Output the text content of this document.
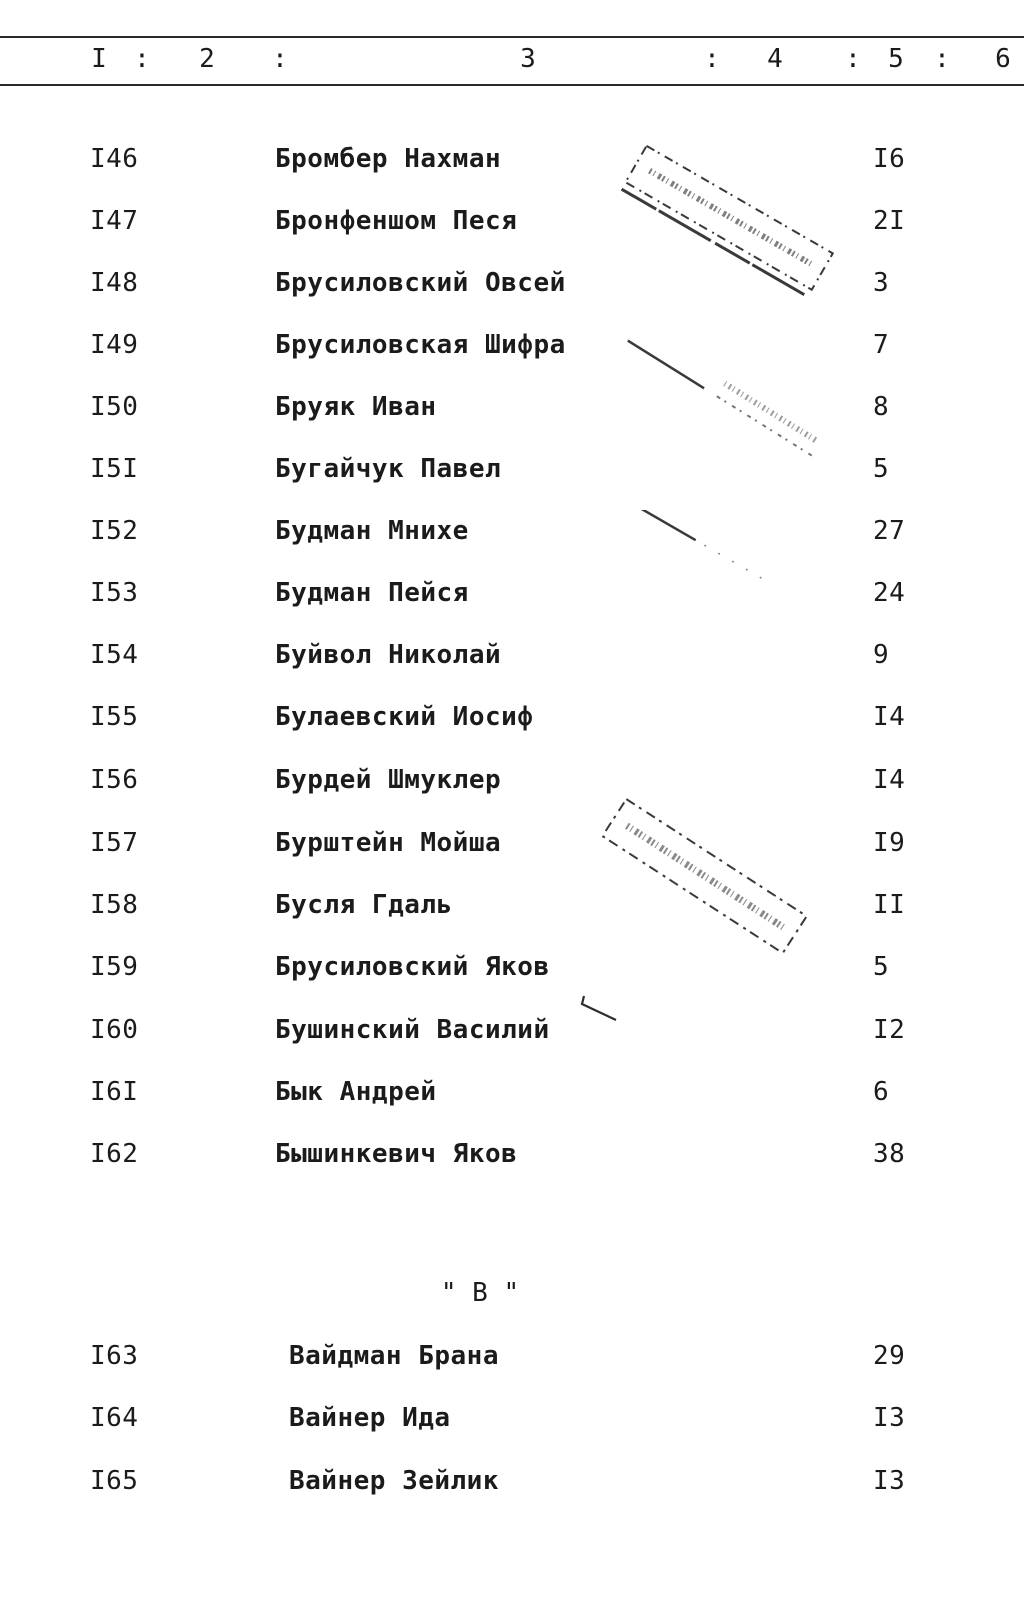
I : 2 :	3	: 4 : 5 : 6
I46	Бромбер Нахман	I6
I47	Бронфеншом Песя	2I
I48	Брусиловский Овсей	3
I49	Брусиловская Шифра	7
I50	Бруяк Иван	8
I5I	Бугайчук Павел	5
I52	Будман Мнихе	27
I53	Будман Пейся	24
I54	Буйвол Николай	9
I55	Булаевский Иосиф	I4
I56	Бурдей Шмуклер	I4
I57	Бурштейн Мойша	I9
I58	Бусля Гдаль	II
I59	Брусиловский Яков	5
I60	Бушинский Василий	I2
I6I	Бык Андрей	6
I62	Бышинкевич Яков	38
" В "
I63	Вайдман Брана	29
I64	Вайнер Ида	I3
I65	Вайнер Зейлик	I3
